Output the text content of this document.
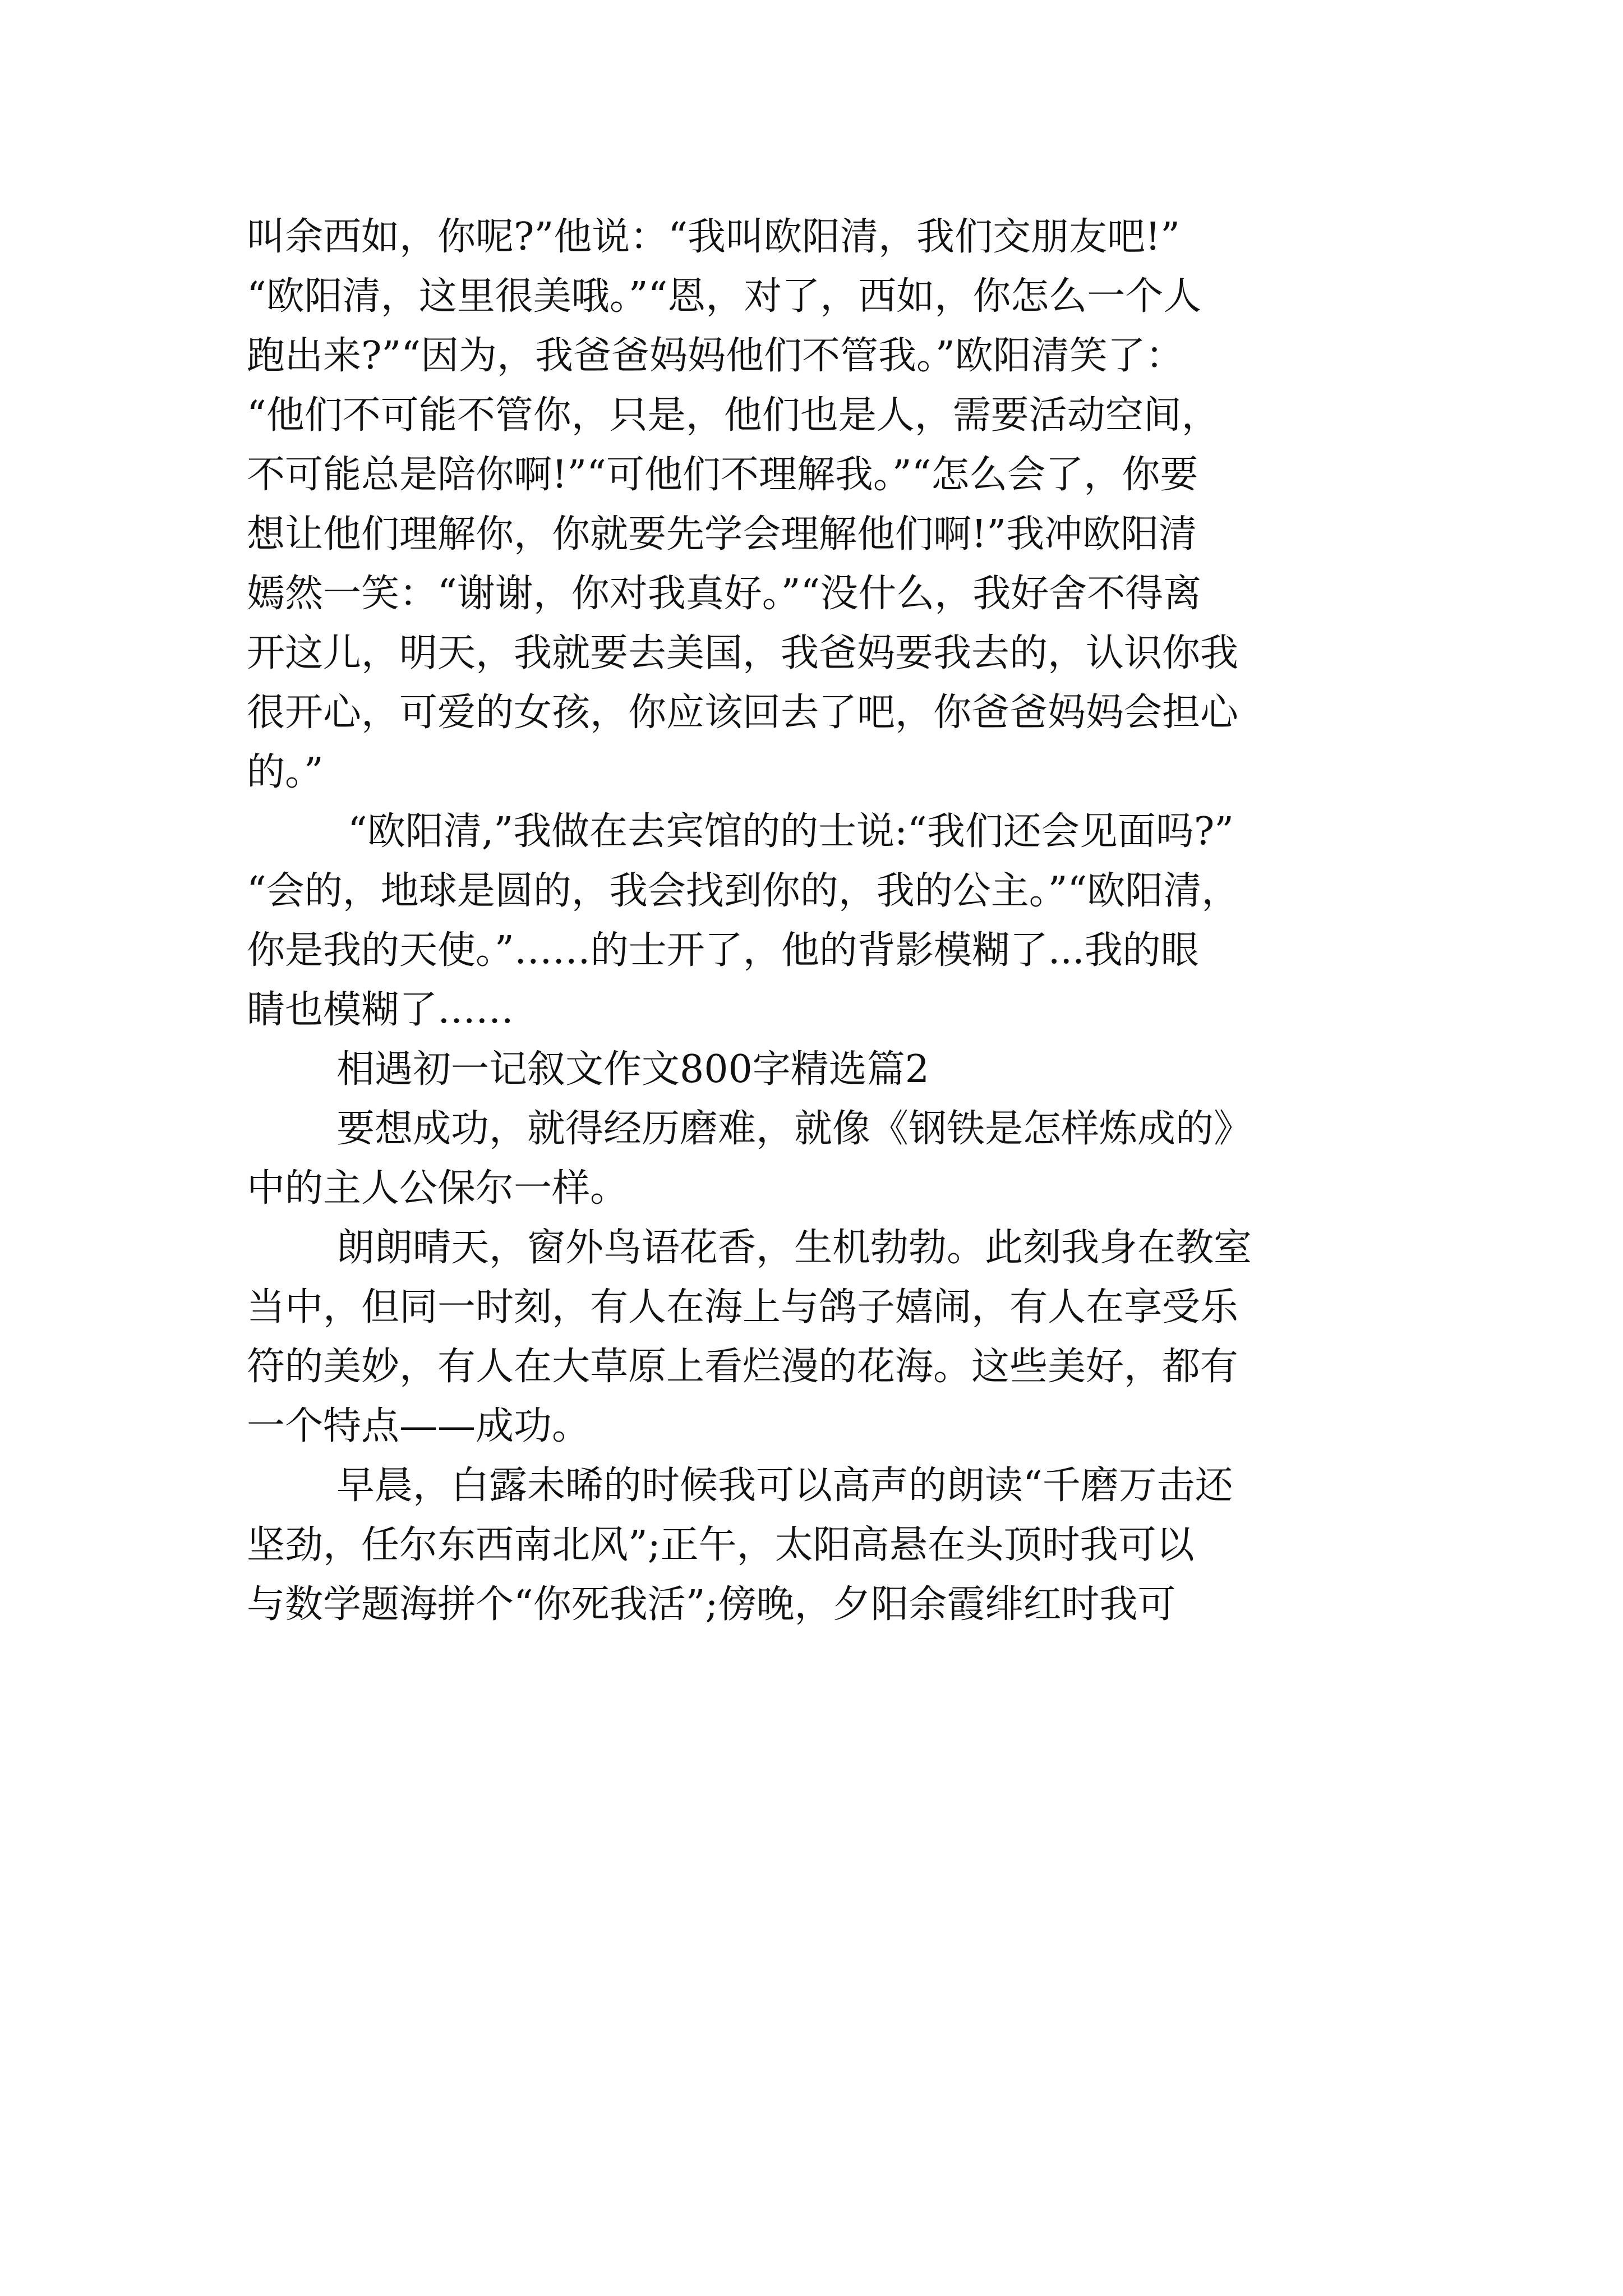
叫余西如，你呢?”他说：“我叫欧阳清，我们交朋友吧!”
“欧阳清，这里很美哦。”“恩，对了，西如，你怎么一个人
跑出来?”“因为，我爸爸妈妈他们不管我。”欧阳清笑了：
“他们不可能不管你，只是，他们也是人，需要活动空间，
不可能总是陪你啊!”“可他们不理解我。”“怎么会了，你要
想让他们理解你，你就要先学会理解他们啊!”我冲欧阳清
嫣然一笑：“谢谢，你对我真好。”“没什么，我好舍不得离
开这儿，明天，我就要去美国，我爸妈要我去的，认识你我
很开心，可爱的女孩，你应该回去了吧，你爸爸妈妈会担心
的。”
“欧阳清,”我做在去宾馆的的士说:“我们还会见面吗?”
“会的，地球是圆的，我会找到你的，我的公主。”“欧阳清，
你是我的天使。”……的士开了，他的背影模糊了...我的眼
睛也模糊了……
相遇初一记叙文作文800字精选篇2
要想成功，就得经历磨难，就像《钢铁是怎样炼成的》
中的主人公保尔一样。
朗朗晴天，窗外鸟语花香，生机勃勃。此刻我身在教室
当中，但同一时刻，有人在海上与鸽子嬉闹，有人在享受乐
符的美妙，有人在大草原上看烂漫的花海。这些美好，都有
一个特点——成功。
早晨，白露未晞的时候我可以高声的朗读“千磨万击还
坚劲，任尔东西南北风”;正午，太阳高悬在头顶时我可以
与数学题海拼个“你死我活”;傍晚，夕阳余霞绯红时我可
